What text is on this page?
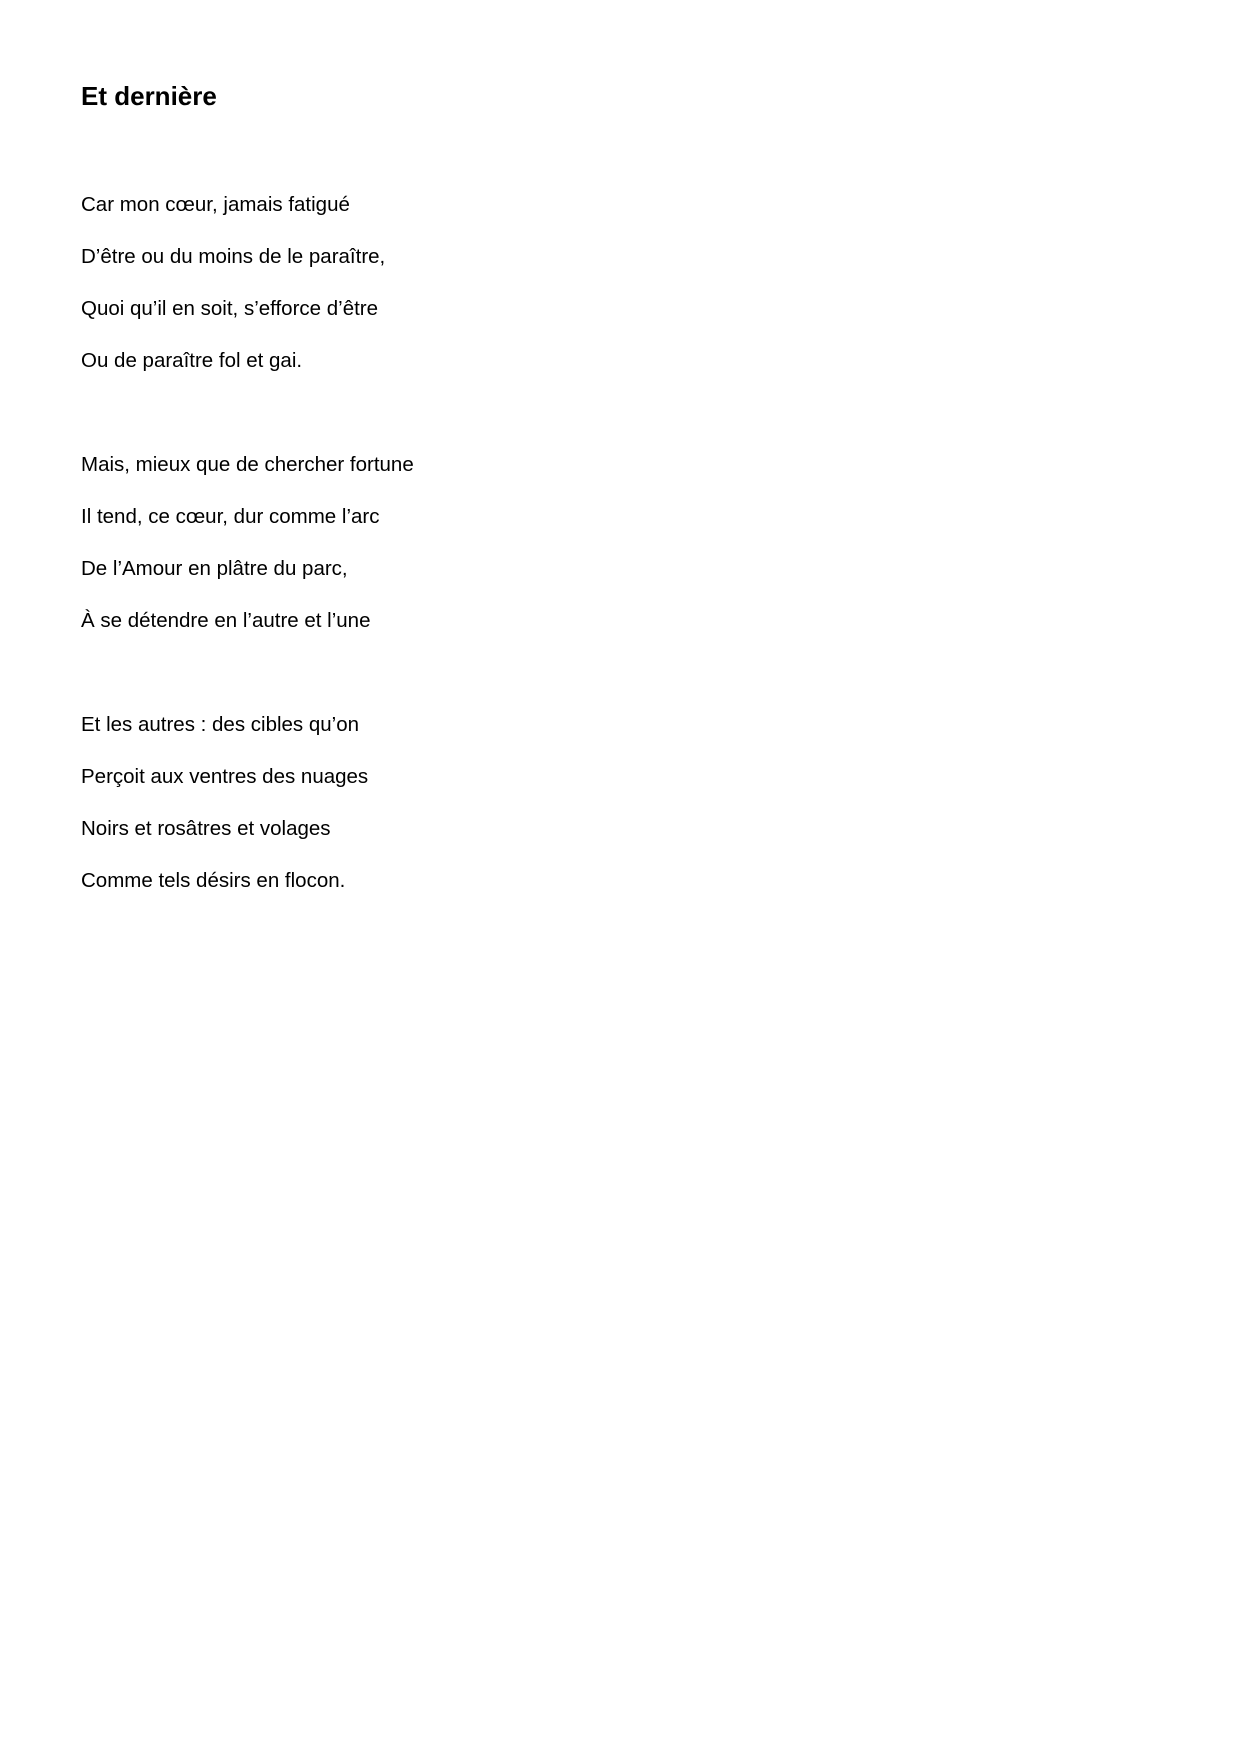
Et dernière
Car mon cœur, jamais fatigué
D’être ou du moins de le paraître,
Quoi qu’il en soit, s’efforce d’être
Ou de paraître fol et gai.
Mais, mieux que de chercher fortune
Il tend, ce cœur, dur comme l’arc
De l’Amour en plâtre du parc,
À se détendre en l’autre et l’une
Et les autres : des cibles qu’on
Perçoit aux ventres des nuages
Noirs et rosâtres et volages
Comme tels désirs en flocon.
